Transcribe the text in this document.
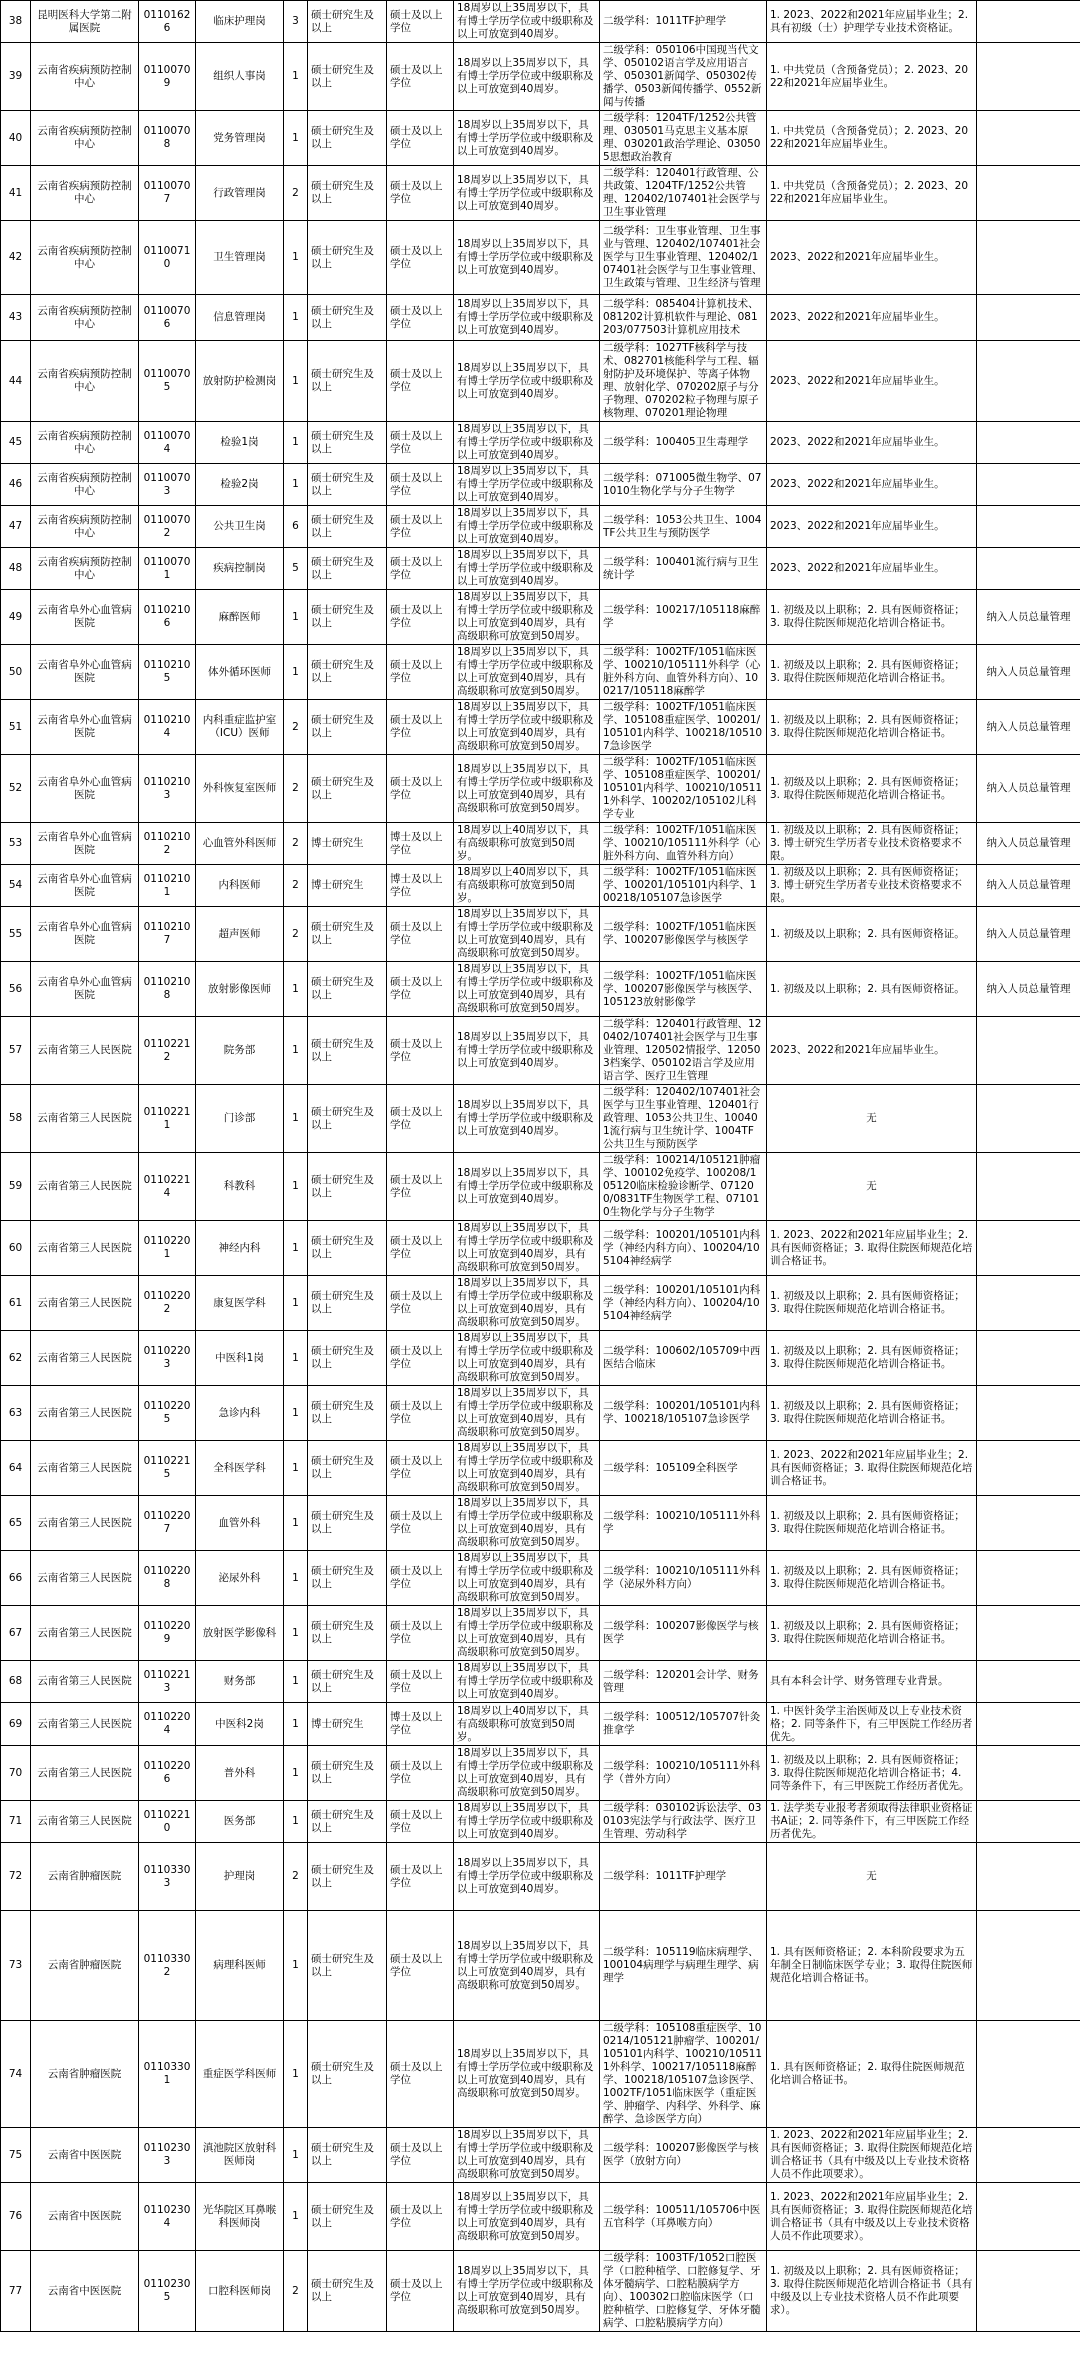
38	昆明医科大学第二附属医院	01101626	临床护理岗	3	硕士研究生及以上	硕士及以上学位	18周岁以上35周岁以下，具有博士学历学位或中级职称及以上可放宽到40周岁。	二级学科：1011TF护理学	1. 2023、2022和2021年应届毕业生；2. 具有初级（士）护理学专业技术资格证。	
39	云南省疾病预防控制中心	01100709	组织人事岗	1	硕士研究生及以上	硕士及以上学位	18周岁以上35周岁以下，具有博士学历学位或中级职称及以上可放宽到40周岁。	二级学科：050106中国现当代文学、050102语言学及应用语言学、050301新闻学、050302传播学、0503新闻传播学、0552新闻与传播	1. 中共党员（含预备党员）；2. 2023、2022和2021年应届毕业生。	
40	云南省疾病预防控制中心	01100708	党务管理岗	1	硕士研究生及以上	硕士及以上学位	18周岁以上35周岁以下，具有博士学历学位或中级职称及以上可放宽到40周岁。	二级学科：1204TF/1252公共管理、030501马克思主义基本原理、030201政治学理论、030505思想政治教育	1. 中共党员（含预备党员）；2. 2023、2022和2021年应届毕业生。	
41	云南省疾病预防控制中心	01100707	行政管理岗	2	硕士研究生及以上	硕士及以上学位	18周岁以上35周岁以下，具有博士学历学位或中级职称及以上可放宽到40周岁。	二级学科：120401行政管理、公共政策、1204TF/1252公共管理、120402/107401社会医学与卫生事业管理	1. 中共党员（含预备党员）；2. 2023、2022和2021年应届毕业生。	
42	云南省疾病预防控制中心	01100710	卫生管理岗	1	硕士研究生及以上	硕士及以上学位	18周岁以上35周岁以下，具有博士学历学位或中级职称及以上可放宽到40周岁。	二级学科：卫生事业管理、卫生事业与管理、120402/107401社会医学与卫生事业管理、120402/107401社会医学与卫生事业管理、卫生政策与管理、卫生经济与管理	2023、2022和2021年应届毕业生。	
43	云南省疾病预防控制中心	01100706	信息管理岗	1	硕士研究生及以上	硕士及以上学位	18周岁以上35周岁以下，具有博士学历学位或中级职称及以上可放宽到40周岁。	二级学科：085404计算机技术、081202计算机软件与理论、081203/077503计算机应用技术	2023、2022和2021年应届毕业生。	
44	云南省疾病预防控制中心	01100705	放射防护检测岗	1	硕士研究生及以上	硕士及以上学位	18周岁以上35周岁以下，具有博士学历学位或中级职称及以上可放宽到40周岁。	二级学科：1027TF核科学与技术、082701核能科学与工程、辐射防护及环境保护、等离子体物理、放射化学、070202原子与分子物理、070202粒子物理与原子核物理、070201理论物理	2023、2022和2021年应届毕业生。	
45	云南省疾病预防控制中心	01100704	检验1岗	1	硕士研究生及以上	硕士及以上学位	18周岁以上35周岁以下，具有博士学历学位或中级职称及以上可放宽到40周岁。	二级学科：100405卫生毒理学	2023、2022和2021年应届毕业生。	
46	云南省疾病预防控制中心	01100703	检验2岗	1	硕士研究生及以上	硕士及以上学位	18周岁以上35周岁以下，具有博士学历学位或中级职称及以上可放宽到40周岁。	二级学科：071005微生物学、071010生物化学与分子生物学	2023、2022和2021年应届毕业生。	
47	云南省疾病预防控制中心	01100702	公共卫生岗	6	硕士研究生及以上	硕士及以上学位	18周岁以上35周岁以下，具有博士学历学位或中级职称及以上可放宽到40周岁。	二级学科：1053公共卫生、1004TF公共卫生与预防医学	2023、2022和2021年应届毕业生。	
48	云南省疾病预防控制中心	01100701	疾病控制岗	5	硕士研究生及以上	硕士及以上学位	18周岁以上35周岁以下，具有博士学历学位或中级职称及以上可放宽到40周岁。	二级学科：100401流行病与卫生统计学	2023、2022和2021年应届毕业生。	
49	云南省阜外心血管病医院	01102106	麻醉医师	1	硕士研究生及以上	硕士及以上学位	18周岁以上35周岁以下，具有博士学历学位或中级职称及以上可放宽到40周岁，具有高级职称可放宽到50周岁。	二级学科：100217/105118麻醉学	1. 初级及以上职称；2. 具有医师资格证；3. 取得住院医师规范化培训合格证书。	纳入人员总量管理
50	云南省阜外心血管病医院	01102105	体外循环医师	1	硕士研究生及以上	硕士及以上学位	18周岁以上35周岁以下，具有博士学历学位或中级职称及以上可放宽到40周岁，具有高级职称可放宽到50周岁。	二级学科：1002TF/1051临床医学、100210/105111外科学（心脏外科方向、血管外科方向）、100217/105118麻醉学	1. 初级及以上职称；2. 具有医师资格证；3. 取得住院医师规范化培训合格证书。	纳入人员总量管理
51	云南省阜外心血管病医院	01102104	内科重症监护室（ICU）医师	2	硕士研究生及以上	硕士及以上学位	18周岁以上35周岁以下，具有博士学历学位或中级职称及以上可放宽到40周岁，具有高级职称可放宽到50周岁。	二级学科：1002TF/1051临床医学、105108重症医学、100201/105101内科学、100218/105107急诊医学	1. 初级及以上职称；2. 具有医师资格证；3. 取得住院医师规范化培训合格证书。	纳入人员总量管理
52	云南省阜外心血管病医院	01102103	外科恢复室医师	2	硕士研究生及以上	硕士及以上学位	18周岁以上35周岁以下，具有博士学历学位或中级职称及以上可放宽到40周岁，具有高级职称可放宽到50周岁。	二级学科：1002TF/1051临床医学、105108重症医学、100201/105101内科学、100210/105111外科学、100202/105102儿科学专业	1. 初级及以上职称；2. 具有医师资格证；3. 取得住院医师规范化培训合格证书。	纳入人员总量管理
53	云南省阜外心血管病医院	01102102	心血管外科医师	2	博士研究生	博士及以上学位	18周岁以上40周岁以下，具有高级职称可放宽到50周岁。	二级学科：1002TF/1051临床医学、100210/105111外科学（心脏外科方向、血管外科方向）	1. 初级及以上职称；2. 具有医师资格证；3. 博士研究生学历者专业技术资格要求不限。	纳入人员总量管理
54	云南省阜外心血管病医院	01102101	内科医师	2	博士研究生	博士及以上学位	18周岁以上40周岁以下，具有高级职称可放宽到50周岁。	二级学科：1002TF/1051临床医学、100201/105101内科学、100218/105107急诊医学	1. 初级及以上职称；2. 具有医师资格证；3. 博士研究生学历者专业技术资格要求不限。	纳入人员总量管理
55	云南省阜外心血管病医院	01102107	超声医师	2	硕士研究生及以上	硕士及以上学位	18周岁以上35周岁以下，具有博士学历学位或中级职称及以上可放宽到40周岁，具有高级职称可放宽到50周岁。	二级学科：1002TF/1051临床医学、100207影像医学与核医学	1. 初级及以上职称；2. 具有医师资格证。	纳入人员总量管理
56	云南省阜外心血管病医院	01102108	放射影像医师	1	硕士研究生及以上	硕士及以上学位	18周岁以上35周岁以下，具有博士学历学位或中级职称及以上可放宽到40周岁，具有高级职称可放宽到50周岁。	二级学科：1002TF/1051临床医学、100207影像医学与核医学、105123放射影像学	1. 初级及以上职称；2. 具有医师资格证。	纳入人员总量管理
57	云南省第三人民医院	01102212	院务部	1	硕士研究生及以上	硕士及以上学位	18周岁以上35周岁以下，具有博士学历学位或中级职称及以上可放宽到40周岁。	二级学科：120401行政管理、120402/107401社会医学与卫生事业管理、120502情报学、120503档案学、050102语言学及应用语言学、医疗卫生管理	2023、2022和2021年应届毕业生。	
58	云南省第三人民医院	01102211	门诊部	1	硕士研究生及以上	硕士及以上学位	18周岁以上35周岁以下，具有博士学历学位或中级职称及以上可放宽到40周岁。	二级学科：120402/107401社会医学与卫生事业管理、120401行政管理、1053公共卫生、100401流行病与卫生统计学、1004TF公共卫生与预防医学	无	
59	云南省第三人民医院	01102214	科教科	1	硕士研究生及以上	硕士及以上学位	18周岁以上35周岁以下，具有博士学历学位或中级职称及以上可放宽到40周岁。	二级学科：100214/105121肿瘤学、100102免疫学、100208/105120临床检验诊断学、071200/0831TF生物医学工程、071010生物化学与分子生物学	无	
60	云南省第三人民医院	01102201	神经内科	1	硕士研究生及以上	硕士及以上学位	18周岁以上35周岁以下，具有博士学历学位或中级职称及以上可放宽到40周岁，具有高级职称可放宽到50周岁。	二级学科：100201/105101内科学（神经内科方向）、100204/105104神经病学	1. 2023、2022和2021年应届毕业生；2. 具有医师资格证；3. 取得住院医师规范化培训合格证书。	
61	云南省第三人民医院	01102202	康复医学科	1	硕士研究生及以上	硕士及以上学位	18周岁以上35周岁以下，具有博士学历学位或中级职称及以上可放宽到40周岁，具有高级职称可放宽到50周岁。	二级学科：100201/105101内科学（神经内科方向）、100204/105104神经病学	1. 初级及以上职称；2. 具有医师资格证；3. 取得住院医师规范化培训合格证书。	
62	云南省第三人民医院	01102203	中医科1岗	1	硕士研究生及以上	硕士及以上学位	18周岁以上35周岁以下，具有博士学历学位或中级职称及以上可放宽到40周岁，具有高级职称可放宽到50周岁。	二级学科：100602/105709中西医结合临床	1. 初级及以上职称；2. 具有医师资格证；3. 取得住院医师规范化培训合格证书。	
63	云南省第三人民医院	01102205	急诊内科	1	硕士研究生及以上	硕士及以上学位	18周岁以上35周岁以下，具有博士学历学位或中级职称及以上可放宽到40周岁，具有高级职称可放宽到50周岁。	二级学科：100201/105101内科学、100218/105107急诊医学	1. 初级及以上职称；2. 具有医师资格证；3. 取得住院医师规范化培训合格证书。	
64	云南省第三人民医院	01102215	全科医学科	1	硕士研究生及以上	硕士及以上学位	18周岁以上35周岁以下，具有博士学历学位或中级职称及以上可放宽到40周岁，具有高级职称可放宽到50周岁。	二级学科：105109全科医学	1. 2023、2022和2021年应届毕业生；2. 具有医师资格证；3. 取得住院医师规范化培训合格证书。	
65	云南省第三人民医院	01102207	血管外科	1	硕士研究生及以上	硕士及以上学位	18周岁以上35周岁以下，具有博士学历学位或中级职称及以上可放宽到40周岁，具有高级职称可放宽到50周岁。	二级学科：100210/105111外科学	1. 初级及以上职称；2. 具有医师资格证；3. 取得住院医师规范化培训合格证书。	
66	云南省第三人民医院	01102208	泌尿外科	1	硕士研究生及以上	硕士及以上学位	18周岁以上35周岁以下，具有博士学历学位或中级职称及以上可放宽到40周岁，具有高级职称可放宽到50周岁。	二级学科：100210/105111外科学（泌尿外科方向）	1. 初级及以上职称；2. 具有医师资格证；3. 取得住院医师规范化培训合格证书。	
67	云南省第三人民医院	01102209	放射医学影像科	1	硕士研究生及以上	硕士及以上学位	18周岁以上35周岁以下，具有博士学历学位或中级职称及以上可放宽到40周岁，具有高级职称可放宽到50周岁。	二级学科：100207影像医学与核医学	1. 初级及以上职称；2. 具有医师资格证；3. 取得住院医师规范化培训合格证书。	
68	云南省第三人民医院	01102213	财务部	1	硕士研究生及以上	硕士及以上学位	18周岁以上35周岁以下，具有博士学历学位或中级职称及以上可放宽到40周岁。	二级学科：120201会计学、财务管理	具有本科会计学、财务管理专业背景。	
69	云南省第三人民医院	01102204	中医科2岗	1	博士研究生	博士及以上学位	18周岁以上40周岁以下，具有高级职称可放宽到50周岁。	二级学科：100512/105707针灸推拿学	1. 中医针灸学主治医师及以上专业技术资格；2. 同等条件下，有三甲医院工作经历者优先。	
70	云南省第三人民医院	01102206	普外科	1	硕士研究生及以上	硕士及以上学位	18周岁以上35周岁以下，具有博士学历学位或中级职称及以上可放宽到40周岁，具有高级职称可放宽到50周岁。	二级学科：100210/105111外科学（普外方向）	1. 初级及以上职称；2. 具有医师资格证；3. 取得住院医师规范化培训合格证书；4. 同等条件下，有三甲医院工作经历者优先。	
71	云南省第三人民医院	01102210	医务部	1	硕士研究生及以上	硕士及以上学位	18周岁以上35周岁以下，具有博士学历学位或中级职称及以上可放宽到40周岁。	二级学科：030102诉讼法学、030103宪法学与行政法学、医疗卫生管理、劳动科学	1. 法学类专业报考者须取得法律职业资格证书A证；2. 同等条件下，有三甲医院工作经历者优先。	
72	云南省肿瘤医院	01103303	护理岗	2	硕士研究生及以上	硕士及以上学位	18周岁以上35周岁以下，具有博士学历学位或中级职称及以上可放宽到40周岁。	二级学科：1011TF护理学	无	
73	云南省肿瘤医院	01103302	病理科医师	1	硕士研究生及以上	硕士及以上学位	18周岁以上35周岁以下，具有博士学历学位或中级职称及以上可放宽到40周岁，具有高级职称可放宽到50周岁。	二级学科：105119临床病理学、100104病理学与病理生理学、病理学	1. 具有医师资格证；2. 本科阶段要求为五年制全日制临床医学专业；3. 取得住院医师规范化培训合格证书。	
74	云南省肿瘤医院	01103301	重症医学科医师	1	硕士研究生及以上	硕士及以上学位	18周岁以上35周岁以下，具有博士学历学位或中级职称及以上可放宽到40周岁，具有高级职称可放宽到50周岁。	二级学科：105108重症医学、100214/105121肿瘤学、100201/105101内科学、100210/105111外科学、100217/105118麻醉学、100218/105107急诊医学、1002TF/1051临床医学（重症医学、肿瘤学、内科学、外科学、麻醉学、急诊医学方向）	1. 具有医师资格证；2. 取得住院医师规范化培训合格证书。	
75	云南省中医医院	01102303	滇池院区放射科医师岗	1	硕士研究生及以上	硕士及以上学位	18周岁以上35周岁以下，具有博士学历学位或中级职称及以上可放宽到40周岁，具有高级职称可放宽到50周岁。	二级学科：100207影像医学与核医学（放射方向）	1. 2023、2022和2021年应届毕业生；2. 具有医师资格证；3. 取得住院医师规范化培训合格证书（具有中级及以上专业技术资格人员不作此项要求）。	
76	云南省中医医院	01102304	光华院区耳鼻喉科医师岗	1	硕士研究生及以上	硕士及以上学位	18周岁以上35周岁以下，具有博士学历学位或中级职称及以上可放宽到40周岁，具有高级职称可放宽到50周岁。	二级学科：100511/105706中医五官科学（耳鼻喉方向）	1. 2023、2022和2021年应届毕业生；2. 具有医师资格证；3. 取得住院医师规范化培训合格证书（具有中级及以上专业技术资格人员不作此项要求）。	
77	云南省中医医院	01102305	口腔科医师岗	2	硕士研究生及以上	硕士及以上学位	18周岁以上35周岁以下，具有博士学历学位或中级职称及以上可放宽到40周岁，具有高级职称可放宽到50周岁。	二级学科：1003TF/1052口腔医学（口腔种植学、口腔修复学、牙体牙髓病学、口腔粘膜病学方向）、100302口腔临床医学（口腔种植学、口腔修复学、牙体牙髓病学、口腔粘膜病学方向）	1. 初级及以上职称；2. 具有医师资格证；3. 取得住院医师规范化培训合格证书（具有中级及以上专业技术资格人员不作此项要求）。	
